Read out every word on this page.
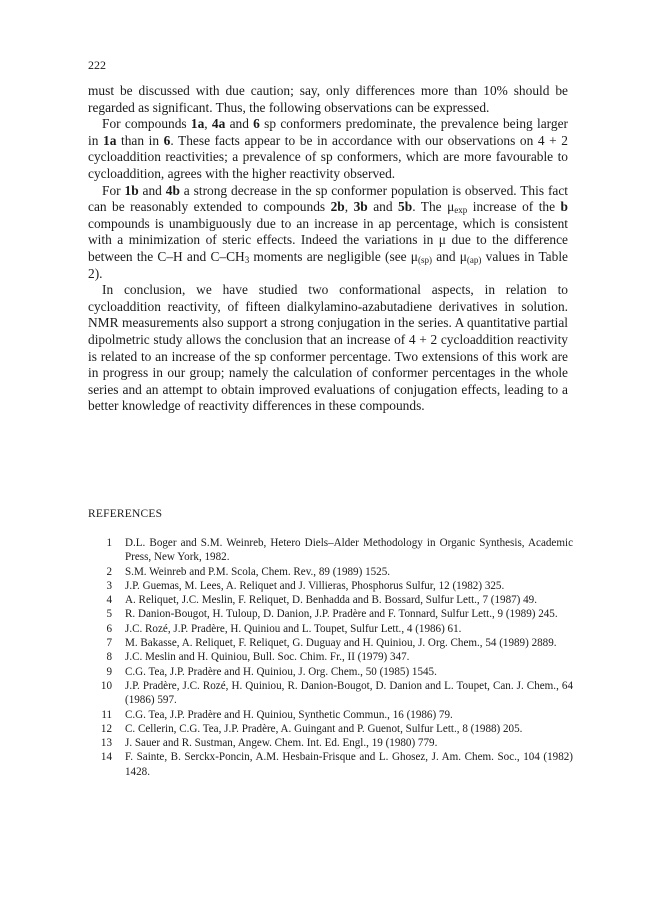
222

must be discussed with due caution; say, only differences more than 10% should be regarded as significant. Thus, the following observations can be expressed.

For compounds 1a, 4a and 6 sp conformers predominate, the prevalence being larger in 1a than in 6. These facts appear to be in accordance with our observations on 4 + 2 cycloaddition reactivities; a prevalence of sp conformers, which are more favourable to cycloaddition, agrees with the higher reactivity observed.

For 1b and 4b a strong decrease in the sp conformer population is observed. This fact can be reasonably extended to compounds 2b, 3b and 5b. The $\mu_{exp}$ increase of the b compounds is unambiguously due to an increase in ap percentage, which is consistent with a minimization of steric effects. Indeed the variations in μ due to the difference between the C–H and $C-CH_3$ moments are negligible (see $\mu_{(sp)}$ and $\mu_{(ap)}$ values in Table 2).

In conclusion, we have studied two conformational aspects, in relation to cycloaddition reactivity, of fifteen dialkylamino-azabutadiene derivatives in solution. NMR measurements also support a strong conjugation in the series. A quantitative partial dipolmetric study allows the conclusion that an increase of 4 + 2 cycloaddition reactivity is related to an increase of the sp conformer percentage. Two extensions of this work are in progress in our group; namely the calculation of conformer percentages in the whole series and an attempt to obtain improved evaluations of conjugation effects, leading to a better knowledge of reactivity differences in these compounds.

REFERENCES
1	D.L. Boger and S.M. Weinreb, Hetero Diels–Alder Methodology in Organic Synthesis, Academic Press, New York, 1982.
2	S.M. Weinreb and P.M. Scola, Chem. Rev., 89 (1989) 1525.
3	J.P. Guemas, M. Lees, A. Reliquet and J. Villieras, Phosphorus Sulfur, 12 (1982) 325.
4	A. Reliquet, J.C. Meslin, F. Reliquet, D. Benhadda and B. Bossard, Sulfur Lett., 7 (1987) 49.
5	R. Danion-Bougot, H. Tuloup, D. Danion, J.P. Pradère and F. Tonnard, Sulfur Lett., 9 (1989) 245.
6	J.C. Rozé, J.P. Pradère, H. Quiniou and L. Toupet, Sulfur Lett., 4 (1986) 61.
7	M. Bakasse, A. Reliquet, F. Reliquet, G. Duguay and H. Quiniou, J. Org. Chem., 54 (1989) 2889.
8	J.C. Meslin and H. Quiniou, Bull. Soc. Chim. Fr., II (1979) 347.
9	C.G. Tea, J.P. Pradère and H. Quiniou, J. Org. Chem., 50 (1985) 1545.
10	J.P. Pradère, J.C. Rozé, H. Quiniou, R. Danion-Bougot, D. Danion and L. Toupet, Can. J. Chem., 64 (1986) 597.
11	C.G. Tea, J.P. Pradère and H. Quiniou, Synthetic Commun., 16 (1986) 79.
12	C. Cellerin, C.G. Tea, J.P. Pradère, A. Guingant and P. Guenot, Sulfur Lett., 8 (1988) 205.
13	J. Sauer and R. Sustman, Angew. Chem. Int. Ed. Engl., 19 (1980) 779.
14	F. Sainte, B. Serckx-Poncin, A.M. Hesbain-Frisque and L. Ghosez, J. Am. Chem. Soc., 104 (1982) 1428.
